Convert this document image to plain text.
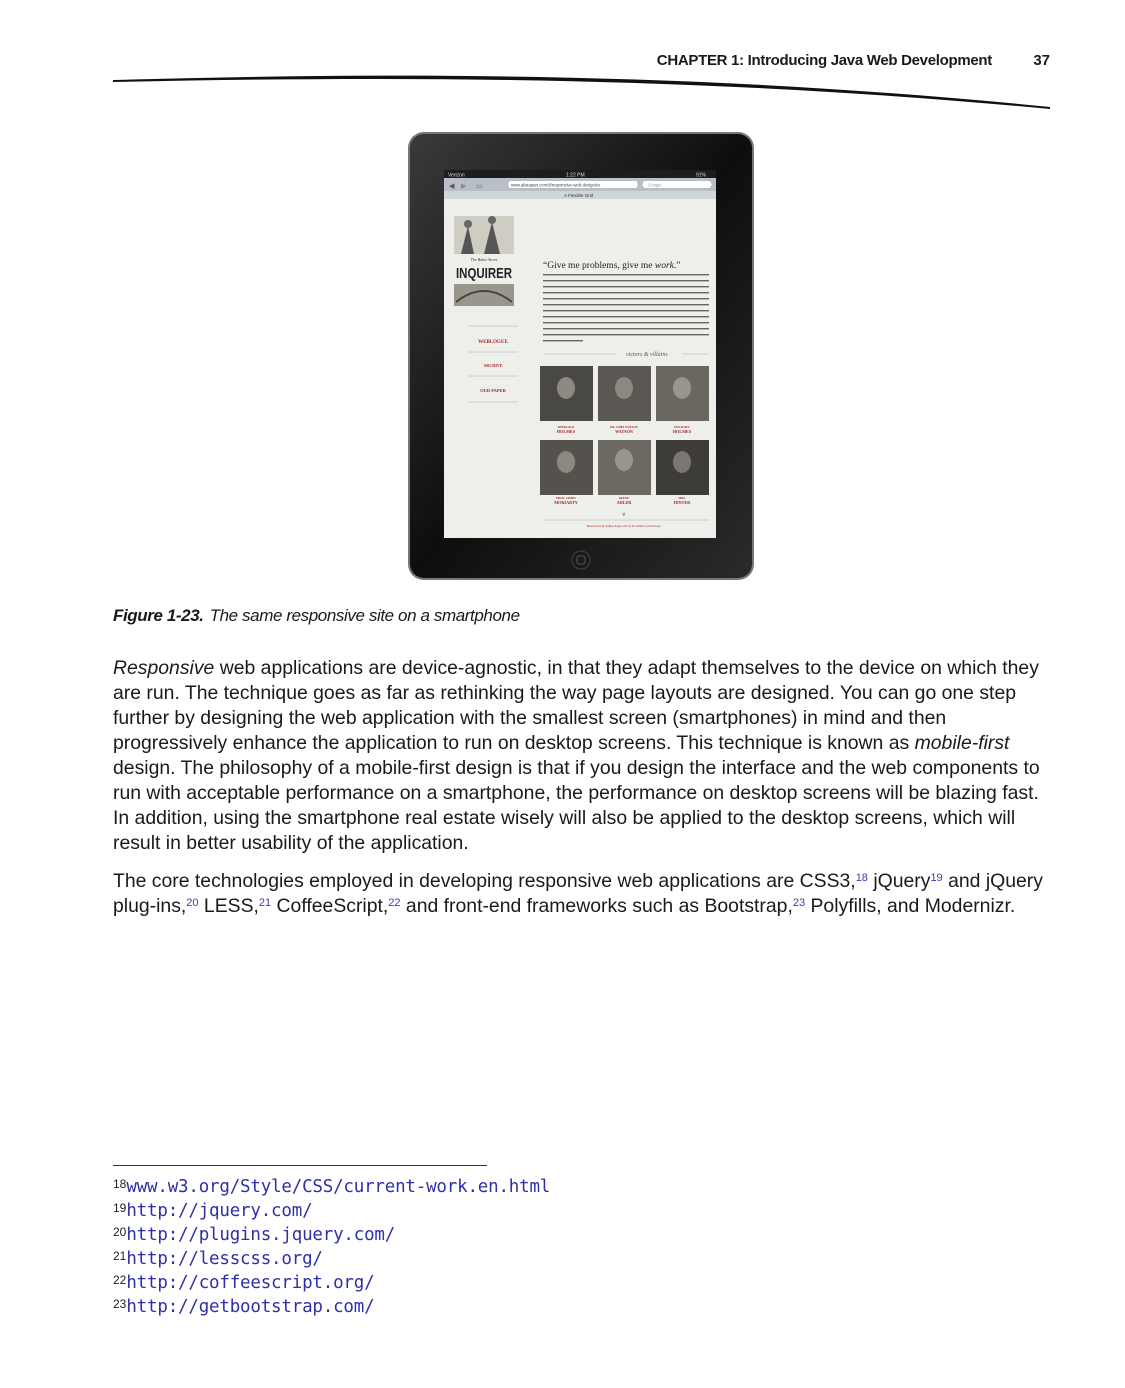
CHAPTER 1: Introducing Java Web Development	37
Verizon	1:22 PM	91%
◀ ▶ ▭	www.alistapart.com/d/responsive-web-design/ex	Google
A Flexible Grid
The Baker Street
INQUIRER
WEBLOGUE
ARCHIVE
OUR PAPER
“Give me problems, give me work.”
victors & villains
SHERLOCK
HOLMES
DR. JOHN WATSON
WATSON
MYCROFT
HOLMES
PROF. JAMES
MORIARTY
IRENE
ADLER
MRS.
HINTER
❦
Illustrations by Sidney Paget, text by Sir Arthur Conan Doyle.
Figure 1-23. The same responsive site on a smartphone

Responsive web applications are device-agnostic, in that they adapt themselves to the device on which they are run. The technique goes as far as rethinking the way page layouts are designed. You can go one step further by designing the web application with the smallest screen (smartphones) in mind and then progressively enhance the application to run on desktop screens. This technique is known as mobile-first design. The philosophy of a mobile-first design is that if you design the interface and the web components to run with acceptable performance on a smartphone, the performance on desktop screens will be blazing fast. In addition, using the smartphone real estate wisely will also be applied to the desktop screens, which will result in better usability of the application.

The core technologies employed in developing responsive web applications are CSS3,18 jQuery$^{19}$ and jQuery plug-ins,$^{20}$ LESS,$^{21}$ CoffeeScript,$^{22}$ and front-end frameworks such as Bootstrap,$^{23}$ Polyfills, and Modernizr.

$^{18}$www.w3.org/Style/CSS/current-work.en.html
$^{19}$http://jquery.com/
$^{20}$http://plugins.jquery.com/
$^{21}$http://lesscss.org/
$^{22}$http://coffeescript.org/
$^{23}$http://getbootstrap.com/
